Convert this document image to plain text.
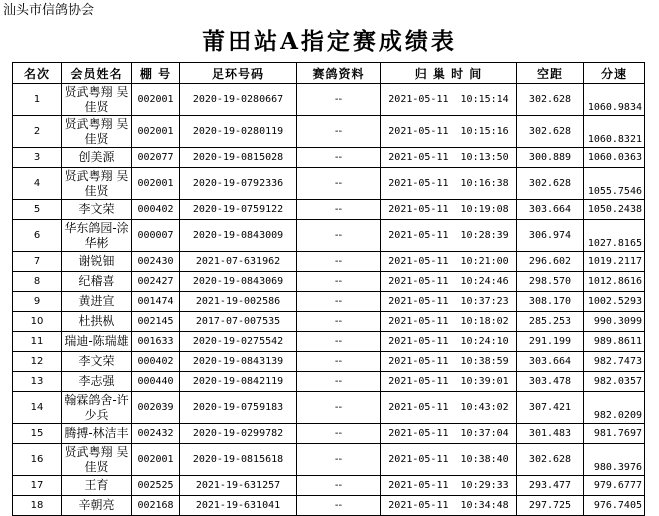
汕头市信鸽协会
莆田站A指定赛成绩表
名次	会员姓名	棚 号	足环号码	赛鸽资料	归 巢 时 间	空距	分速
1	贤武粤翔 吴佳贤	002001	2020-19-0280667	--	2021-05-11  10:15:14	302.628	1060.9834
2	贤武粤翔 吴佳贤	002001	2020-19-0280119	--	2021-05-11  10:15:16	302.628	1060.8321
3	创美源	002077	2020-19-0815028	--	2021-05-11  10:13:50	300.889	1060.0363
4	贤武粤翔 吴佳贤	002001	2020-19-0792336	--	2021-05-11  10:16:38	302.628	1055.7546
5	李文荣	000402	2020-19-0759122	--	2021-05-11  10:19:08	303.664	1050.2438
6	华东鸽园-涂华彬	000007	2020-19-0843009	--	2021-05-11  10:28:39	306.974	1027.8165
7	谢锐钿	002430	2021-07-631962	--	2021-05-11  10:21:00	296.602	1019.2117
8	纪稽喜	002427	2020-19-0843069	--	2021-05-11  10:24:46	298.570	1012.8616
9	黄进宣	001474	2021-19-002586	--	2021-05-11  10:37:23	308.170	1002.5293
10	杜拱枞	002145	2017-07-007535	--	2021-05-11  10:18:02	285.253	990.3099
11	瑞迪-陈瑞雄	001633	2020-19-0275542	--	2021-05-11  10:24:10	291.199	989.8611
12	李文荣	000402	2020-19-0843139	--	2021-05-11  10:38:59	303.664	982.7473
13	李志强	000440	2020-19-0842119	--	2021-05-11  10:39:01	303.478	982.0357
14	翰霖鸽舍-许少兵	002039	2020-19-0759183	--	2021-05-11  10:43:02	307.421	982.0209
15	腾搏-林洁丰	002432	2020-19-0299782	--	2021-05-11  10:37:04	301.483	981.7697
16	贤武粤翔 吴佳贤	002001	2020-19-0815618	--	2021-05-11  10:38:40	302.628	980.3976
17	王育	002525	2021-19-631257	--	2021-05-11  10:29:33	293.477	979.6777
18	辛朝亮	002168	2021-19-631041	--	2021-05-11  10:34:48	297.725	976.7405
